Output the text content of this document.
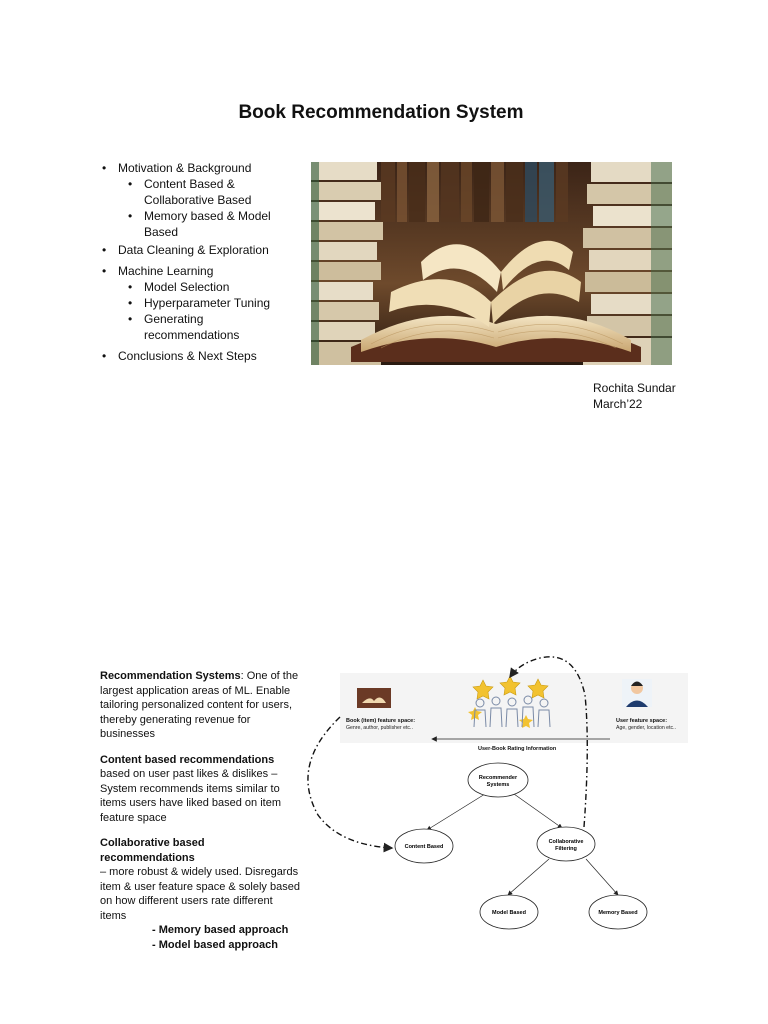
Book Recommendation System
• Motivation & Background
• Content Based & Collaborative Based
• Memory based & Model Based
• Data Cleaning & Exploration
• Machine Learning
• Model Selection
• Hyperparameter Tuning
• Generating recommendations
• Conclusions & Next Steps
Rochita Sundar
March’22
Recommendation Systems: One of the largest application areas of ML. Enable tailoring personalized content for users, thereby generating revenue for businesses
Content based recommendations
based on user past likes & dislikes – System recommends items similar to items users have liked based on item feature space
Collaborative based recommendations
– more robust & widely used. Disregards item & user feature space & solely based on how different users rate different items
- Memory based approach
- Model based approach
Book (item) feature space:
Genre, author, publisher etc..
User feature space:
Age, gender, location etc..
User-Book Rating Information
Recommender
Systems
Content Based
Collaborative
Filtering
Model Based	Memory Based
